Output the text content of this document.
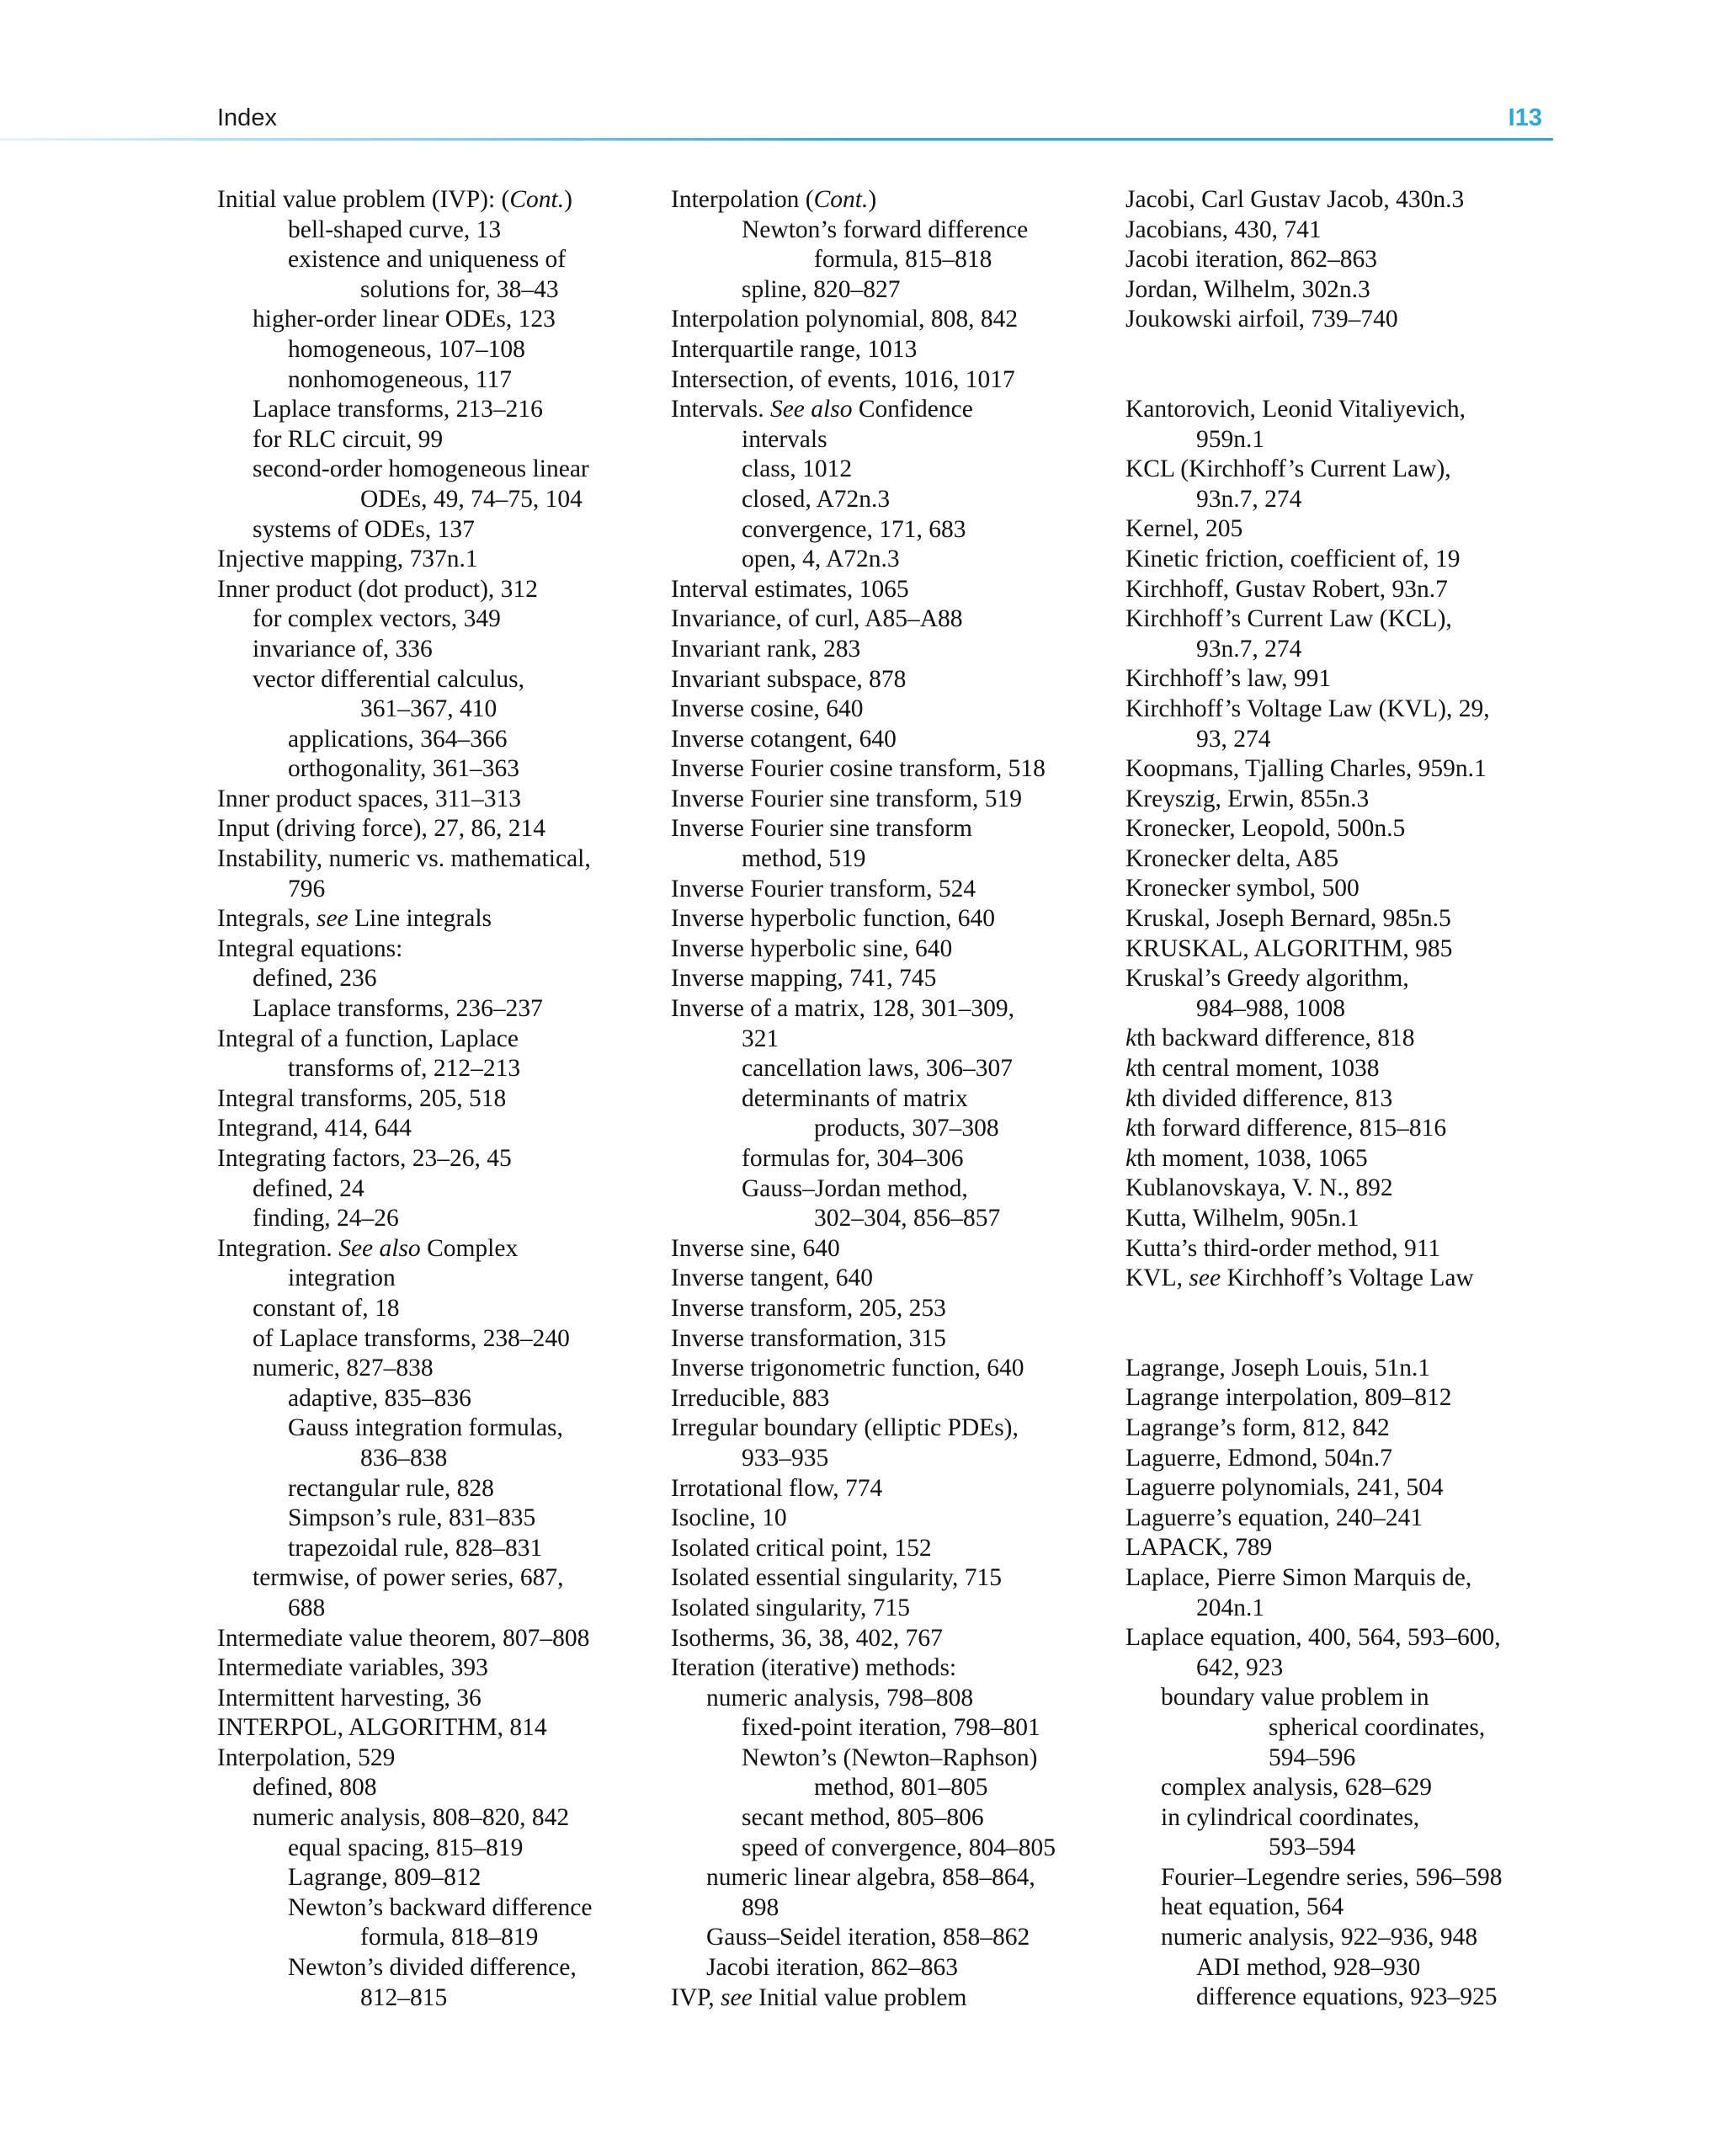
Index	I13
Initial value problem (IVP): (Cont.)
bell-shaped curve, 13
existence and uniqueness of
solutions for, 38–43
higher-order linear ODEs, 123
homogeneous, 107–108
nonhomogeneous, 117
Laplace transforms, 213–216
for RLC circuit, 99
second-order homogeneous linear
ODEs, 49, 74–75, 104
systems of ODEs, 137
Injective mapping, 737n.1
Inner product (dot product), 312
for complex vectors, 349
invariance of, 336
vector differential calculus,
361–367, 410
applications, 364–366
orthogonality, 361–363
Inner product spaces, 311–313
Input (driving force), 27, 86, 214
Instability, numeric vs. mathematical,
796
Integrals, see Line integrals
Integral equations:
defined, 236
Laplace transforms, 236–237
Integral of a function, Laplace
transforms of, 212–213
Integral transforms, 205, 518
Integrand, 414, 644
Integrating factors, 23–26, 45
defined, 24
finding, 24–26
Integration. See also Complex
integration
constant of, 18
of Laplace transforms, 238–240
numeric, 827–838
adaptive, 835–836
Gauss integration formulas,
836–838
rectangular rule, 828
Simpson’s rule, 831–835
trapezoidal rule, 828–831
termwise, of power series, 687,
688
Intermediate value theorem, 807–808
Intermediate variables, 393
Intermittent harvesting, 36
INTERPOL, ALGORITHM, 814
Interpolation, 529
defined, 808
numeric analysis, 808–820, 842
equal spacing, 815–819
Lagrange, 809–812
Newton’s backward difference
formula, 818–819
Newton’s divided difference,
812–815
Interpolation (Cont.)
Newton’s forward difference
formula, 815–818
spline, 820–827
Interpolation polynomial, 808, 842
Interquartile range, 1013
Intersection, of events, 1016, 1017
Intervals. See also Confidence
intervals
class, 1012
closed, A72n.3
convergence, 171, 683
open, 4, A72n.3
Interval estimates, 1065
Invariance, of curl, A85–A88
Invariant rank, 283
Invariant subspace, 878
Inverse cosine, 640
Inverse cotangent, 640
Inverse Fourier cosine transform, 518
Inverse Fourier sine transform, 519
Inverse Fourier sine transform
method, 519
Inverse Fourier transform, 524
Inverse hyperbolic function, 640
Inverse hyperbolic sine, 640
Inverse mapping, 741, 745
Inverse of a matrix, 128, 301–309,
321
cancellation laws, 306–307
determinants of matrix
products, 307–308
formulas for, 304–306
Gauss–Jordan method,
302–304, 856–857
Inverse sine, 640
Inverse tangent, 640
Inverse transform, 205, 253
Inverse transformation, 315
Inverse trigonometric function, 640
Irreducible, 883
Irregular boundary (elliptic PDEs),
933–935
Irrotational flow, 774
Isocline, 10
Isolated critical point, 152
Isolated essential singularity, 715
Isolated singularity, 715
Isotherms, 36, 38, 402, 767
Iteration (iterative) methods:
numeric analysis, 798–808
fixed-point iteration, 798–801
Newton’s (Newton–Raphson)
method, 801–805
secant method, 805–806
speed of convergence, 804–805
numeric linear algebra, 858–864,
898
Gauss–Seidel iteration, 858–862
Jacobi iteration, 862–863
IVP, see Initial value problem
Jacobi, Carl Gustav Jacob, 430n.3
Jacobians, 430, 741
Jacobi iteration, 862–863
Jordan, Wilhelm, 302n.3
Joukowski airfoil, 739–740
Kantorovich, Leonid Vitaliyevich,
959n.1
KCL (Kirchhoff’s Current Law),
93n.7, 274
Kernel, 205
Kinetic friction, coefficient of, 19
Kirchhoff, Gustav Robert, 93n.7
Kirchhoff’s Current Law (KCL),
93n.7, 274
Kirchhoff’s law, 991
Kirchhoff’s Voltage Law (KVL), 29,
93, 274
Koopmans, Tjalling Charles, 959n.1
Kreyszig, Erwin, 855n.3
Kronecker, Leopold, 500n.5
Kronecker delta, A85
Kronecker symbol, 500
Kruskal, Joseph Bernard, 985n.5
KRUSKAL, ALGORITHM, 985
Kruskal’s Greedy algorithm,
984–988, 1008
kth backward difference, 818
kth central moment, 1038
kth divided difference, 813
kth forward difference, 815–816
kth moment, 1038, 1065
Kublanovskaya, V. N., 892
Kutta, Wilhelm, 905n.1
Kutta’s third-order method, 911
KVL, see Kirchhoff’s Voltage Law
Lagrange, Joseph Louis, 51n.1
Lagrange interpolation, 809–812
Lagrange’s form, 812, 842
Laguerre, Edmond, 504n.7
Laguerre polynomials, 241, 504
Laguerre’s equation, 240–241
LAPACK, 789
Laplace, Pierre Simon Marquis de,
204n.1
Laplace equation, 400, 564, 593–600,
642, 923
boundary value problem in
spherical coordinates,
594–596
complex analysis, 628–629
in cylindrical coordinates,
593–594
Fourier–Legendre series, 596–598
heat equation, 564
numeric analysis, 922–936, 948
ADI method, 928–930
difference equations, 923–925
